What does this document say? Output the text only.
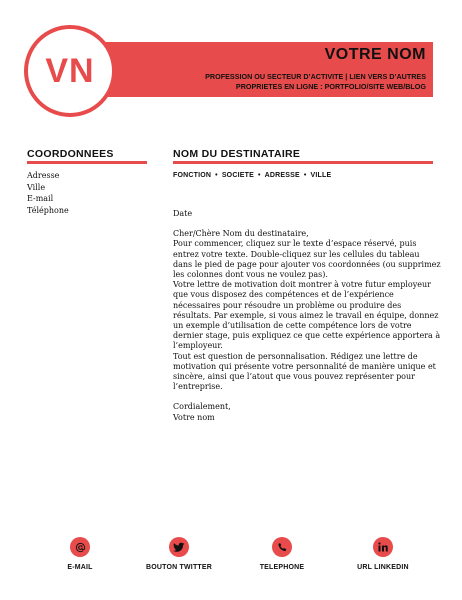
VN	VOTRE NOM
PROFESSION OU SECTEUR D’ACTIVITE | LIEN VERS D’AUTRES PROPRIETES EN LIGNE : PORTFOLIO/SITE WEB/BLOG
COORDONNEES
Adresse
Ville
E-mail
Téléphone
NOM DU DESTINATAIRE
FONCTION • SOCIETE • ADRESSE • VILLE

Date

Cher/Chère Nom du destinataire,

Pour commencer, cliquez sur le texte d’espace réservé, puis entrez votre texte. Double-cliquez sur les cellules du tableau dans le pied de page pour ajouter vos coordonnées (ou supprimez les colonnes dont vous ne voulez pas).

Votre lettre de motivation doit montrer à votre futur employeur que vous disposez des compétences et de l’expérience nécessaires pour résoudre un problème ou produire des résultats. Par exemple, si vous aimez le travail en équipe, donnez un exemple d’utilisation de cette compétence lors de votre dernier stage, puis expliquez ce que cette expérience apportera à l’employeur.

Tout est question de personnalisation. Rédigez une lettre de motivation qui présente votre personnalité de manière unique et sincère, ainsi que l’atout que vous pouvez représenter pour l’entreprise.

Cordialement,

Votre nom

E-MAIL	BOUTON TWITTER	TELEPHONE	URL LINKEDIN
